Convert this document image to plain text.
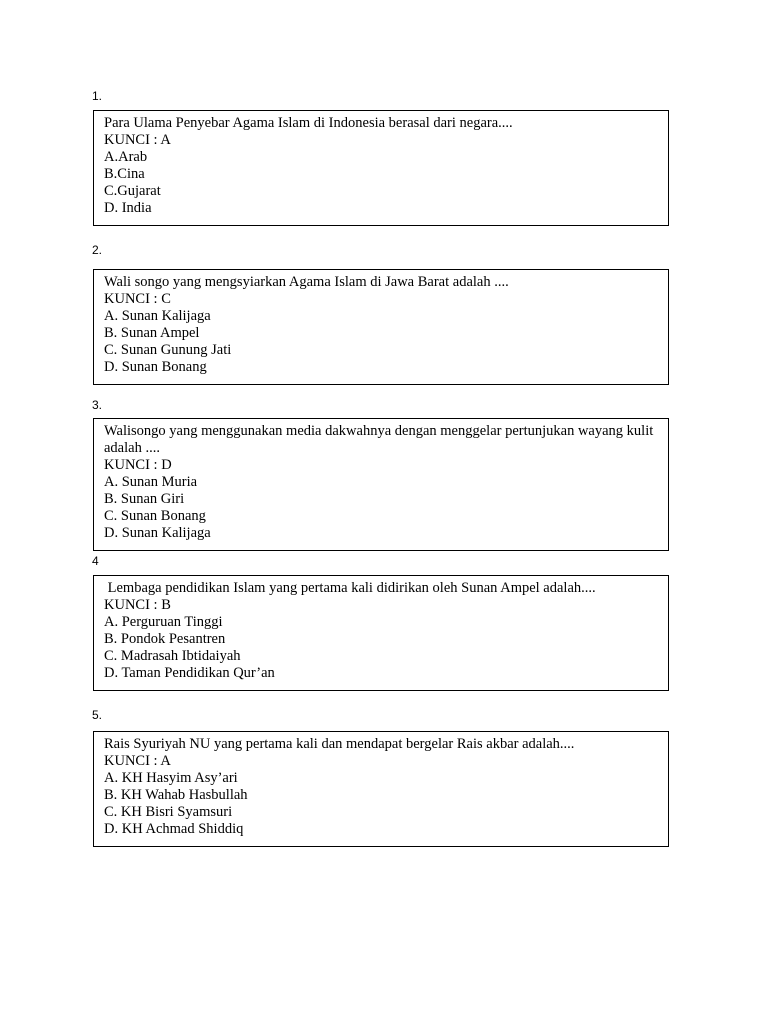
1.
Para Ulama Penyebar Agama Islam di Indonesia berasal dari negara....
KUNCI : A
A.Arab
B.Cina
C.Gujarat
D. India
2.
Wali songo yang mengsyiarkan Agama Islam di Jawa Barat adalah ....
KUNCI : C
A. Sunan Kalijaga
B. Sunan Ampel
C. Sunan Gunung Jati
D. Sunan Bonang
3.
Walisongo yang menggunakan media dakwahnya dengan menggelar pertunjukan wayang kulit adalah ....
KUNCI : D
A. Sunan Muria
B. Sunan Giri
C. Sunan Bonang
D. Sunan Kalijaga
4
Lembaga pendidikan Islam yang pertama kali didirikan oleh Sunan Ampel adalah....
KUNCI : B
A. Perguruan Tinggi
B. Pondok Pesantren
C. Madrasah Ibtidaiyah
D. Taman Pendidikan Qur’an
5.
Rais Syuriyah NU yang pertama kali dan mendapat bergelar Rais akbar adalah....
KUNCI : A
A. KH Hasyim Asy’ari
B. KH Wahab Hasbullah
C. KH Bisri Syamsuri
D. KH Achmad Shiddiq
